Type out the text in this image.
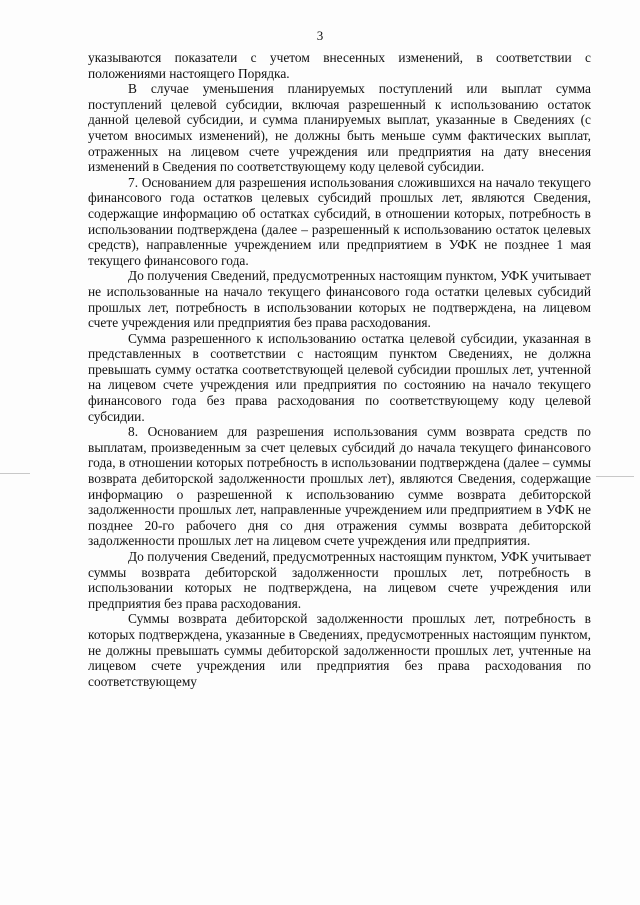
3

указываются показатели с учетом внесенных изменений, в соответствии с положениями настоящего Порядка.

В случае уменьшения планируемых поступлений или выплат сумма поступлений целевой субсидии, включая разрешенный к использованию остаток данной целевой субсидии, и сумма планируемых выплат, указанные в Сведениях (с учетом вносимых изменений), не должны быть меньше сумм фактических выплат, отраженных на лицевом счете учреждения или предприятия на дату внесения изменений в Сведения по соответствующему коду целевой субсидии.

7. Основанием для разрешения использования сложившихся на начало текущего финансового года остатков целевых субсидий прошлых лет, являются Сведения, содержащие информацию об остатках субсидий, в отношении которых, потребность в использовании подтверждена (далее – разрешенный к использованию остаток целевых средств), направленные учреждением или предприятием в УФК не позднее 1 мая текущего финансового года.

До получения Сведений, предусмотренных настоящим пунктом, УФК учитывает не использованные на начало текущего финансового года остатки целевых субсидий прошлых лет, потребность в использовании которых не подтверждена, на лицевом счете учреждения или предприятия без права расходования.

Сумма разрешенного к использованию остатка целевой субсидии, указанная в представленных в соответствии с настоящим пунктом Сведениях, не должна превышать сумму остатка соответствующей целевой субсидии прошлых лет, учтенной на лицевом счете учреждения или предприятия по состоянию на начало текущего финансового года без права расходования по соответствующему коду целевой субсидии.

8. Основанием для разрешения использования сумм возврата средств по выплатам, произведенным за счет целевых субсидий до начала текущего финансового года, в отношении которых потребность в использовании подтверждена (далее – суммы возврата дебиторской задолженности прошлых лет), являются Сведения, содержащие информацию о разрешенной к использованию сумме возврата дебиторской задолженности прошлых лет, направленные учреждением или предприятием в УФК не позднее 20-го рабочего дня со дня отражения суммы возврата дебиторской задолженности прошлых лет на лицевом счете учреждения или предприятия.

До получения Сведений, предусмотренных настоящим пунктом, УФК учитывает суммы возврата дебиторской задолженности прошлых лет, потребность в использовании которых не подтверждена, на лицевом счете учреждения или предприятия без права расходования.

Суммы возврата дебиторской задолженности прошлых лет, потребность в которых подтверждена, указанные в Сведениях, предусмотренных настоящим пунктом, не должны превышать суммы дебиторской задолженности прошлых лет, учтенные на лицевом счете учреждения или предприятия без права расходования по соответствующему
